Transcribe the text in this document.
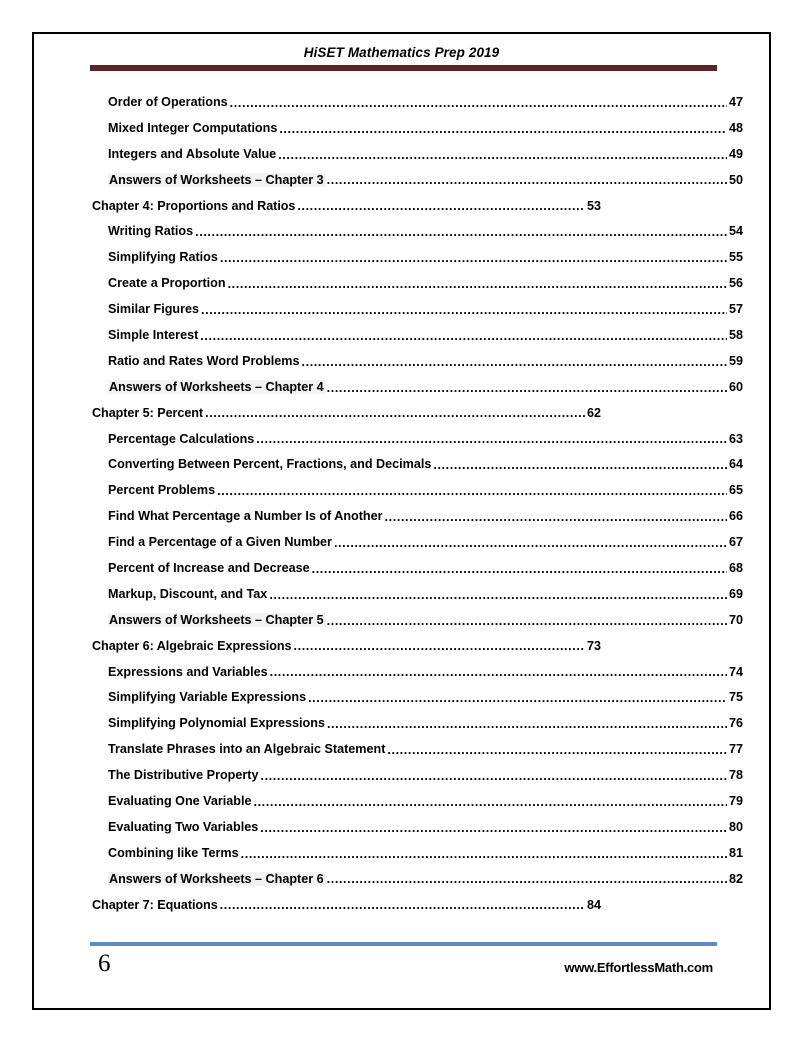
HiSET Mathematics Prep 2019
Order of Operations .....	47
Mixed Integer Computations .....	48
Integers and Absolute Value .....	49
Answers of Worksheets – Chapter 3 .....	50
Chapter 4: Proportions and Ratios .....	53
Writing Ratios .....	54
Simplifying Ratios .....	55
Create a Proportion .....	56
Similar Figures .....	57
Simple Interest .....	58
Ratio and Rates Word Problems .....	59
Answers of Worksheets – Chapter 4 .....	60
Chapter 5: Percent .....	62
Percentage Calculations .....	63
Converting Between Percent, Fractions, and Decimals .....	64
Percent Problems .....	65
Find What Percentage a Number Is of Another .....	66
Find a Percentage of a Given Number .....	67
Percent of Increase and Decrease .....	68
Markup, Discount, and Tax .....	69
Answers of Worksheets – Chapter 5 .....	70
Chapter 6: Algebraic Expressions .....	73
Expressions and Variables .....	74
Simplifying Variable Expressions .....	75
Simplifying Polynomial Expressions .....	76
Translate Phrases into an Algebraic Statement .....	77
The Distributive Property .....	78
Evaluating One Variable .....	79
Evaluating Two Variables .....	80
Combining like Terms .....	81
Answers of Worksheets – Chapter 6 .....	82
Chapter 7: Equations .....	84
6	www.EffortlessMath.com
